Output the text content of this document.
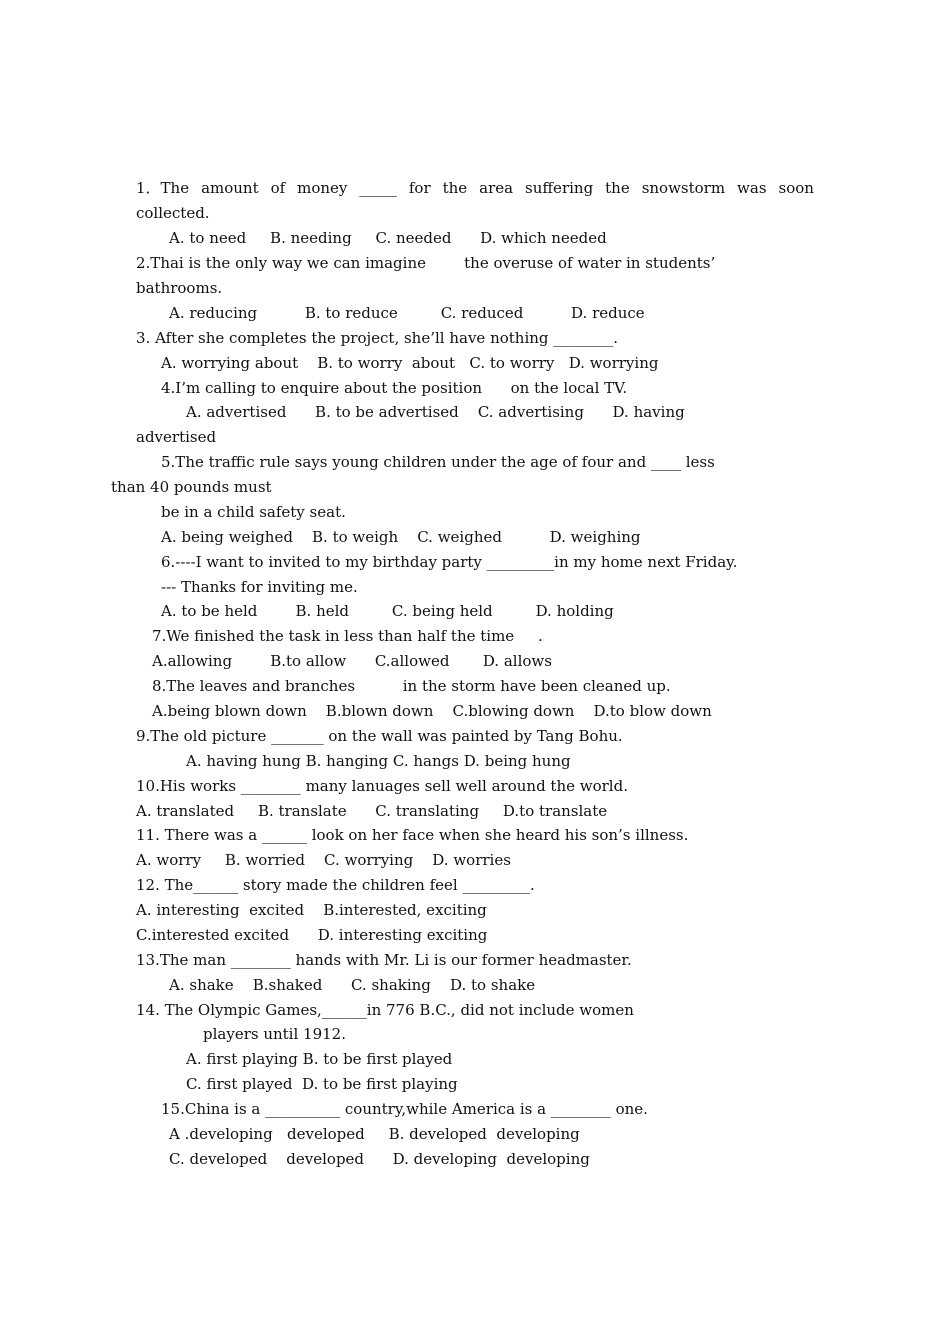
1．The amount of money _____ for the area suffering the snowstorm was soon
collected.
A. to need     B. needing     C. needed      D. which needed
2.Thai is the only way we can imagine        the overuse of water in students’
bathrooms.
A. reducing          B. to reduce         C. reduced          D. reduce
3. After she completes the project, she’ll have nothing ________.
A. worrying about    B. to worry  about   C. to worry   D. worrying
4.I’m calling to enquire about the position      on the local TV.
A. advertised      B. to be advertised    C. advertising      D. having
advertised
5.The traffic rule says young children under the age of four and ____ less
than 40 pounds must
be in a child safety seat.
A. being weighed    B. to weigh    C. weighed          D. weighing
6.----I want to invited to my birthday party _________in my home next Friday.
--- Thanks for inviting me.
A. to be held        B. held         C. being held         D. holding
7.We finished the task in less than half the time     .
A.allowing        B.to allow      C.allowed       D. allows
8.The leaves and branches          in the storm have been cleaned up.
A.being blown down    B.blown down    C.blowing down    D.to blow down
9.The old picture _______ on the wall was painted by Tang Bohu.
A. having hung B. hanging C. hangs D. being hung
10.His works ________ many lanuages sell well around the world.
A. translated     B. translate      C. translating     D.to translate
11. There was a ______ look on her face when she heard his son’s illness.
A. worry     B. worried    C. worrying    D. worries
12. The______ story made the children feel _________.
A. interesting  excited    B.interested, exciting
C.interested excited      D. interesting exciting
13.The man ________ hands with Mr. Li is our former headmaster.
A. shake    B.shaked      C. shaking    D. to shake
14. The Olympic Games,______in 776 B.C., did not include women
players until 1912.
A. first playing B. to be first played
C. first played  D. to be first playing
15.China is a __________ country,while America is a ________ one.
A .developing   developed     B. developed  developing
C. developed    developed      D. developing  developing
